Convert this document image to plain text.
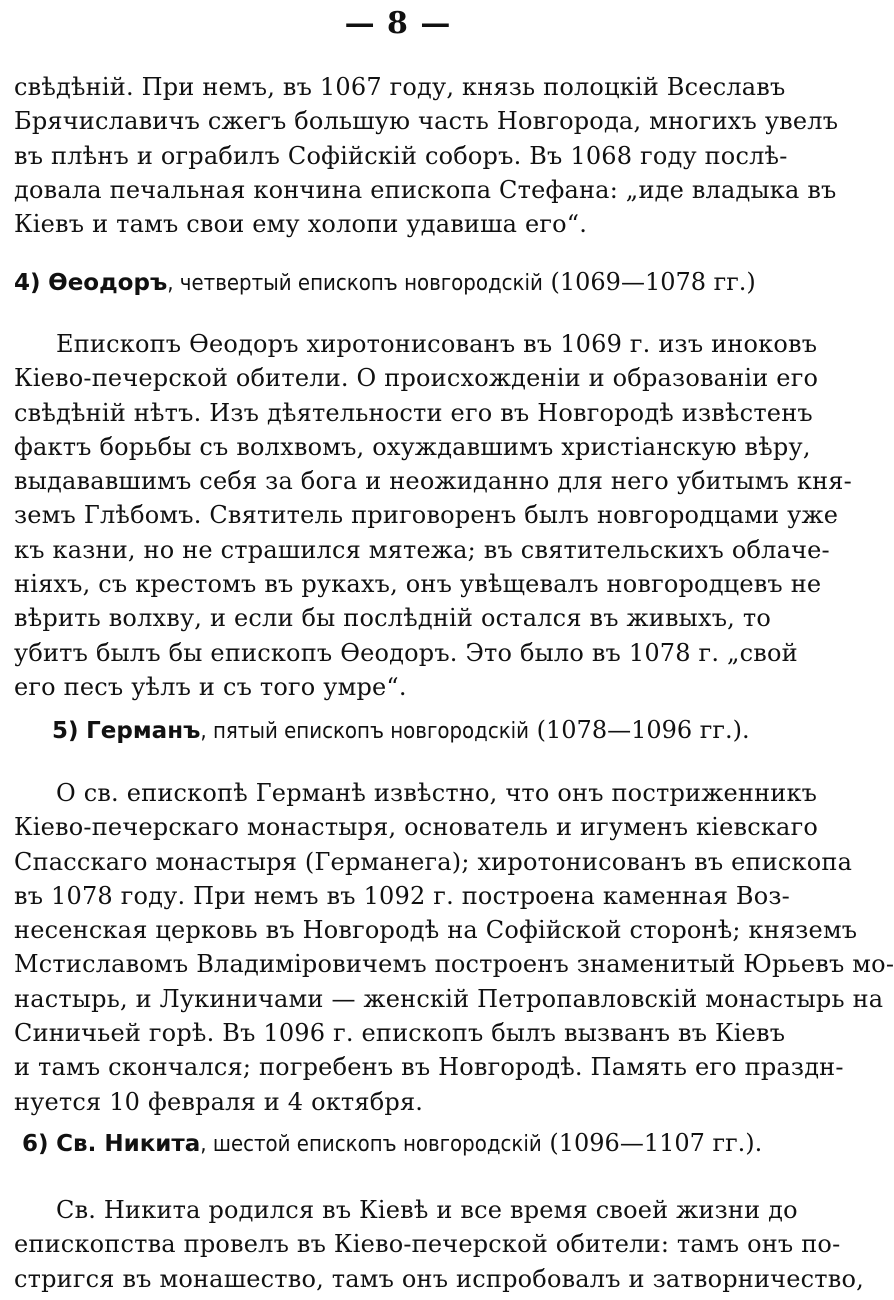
— 8 —
свѣдѣній. При немъ, въ 1067 году, князь полоцкій Всеславъ
Брячиславичъ сжегъ большую часть Новгорода, многихъ увелъ
въ плѣнъ и ограбилъ Софійскій соборъ. Въ 1068 году послѣ-
довала печальная кончина епископа Стефана: „иде владыка въ
Кіевъ и тамъ свои ему холопи удавиша его“.
4) Ѳеодоръ, четвертый епископъ новгородскій (1069—1078 гг.)
Епископъ Ѳеодоръ хиротонисованъ въ 1069 г. изъ иноковъ
Кіево-печерской обители. О происхожденіи и образованіи его
свѣдѣній нѣтъ. Изъ дѣятельности его въ Новгородѣ извѣстенъ
фактъ борьбы съ волхвомъ, охуждавшимъ христіанскую вѣру,
выдававшимъ себя за бога и неожиданно для него убитымъ кня-
земъ Глѣбомъ. Святитель приговоренъ былъ новгородцами уже
къ казни, но не страшился мятежа; въ святительскихъ облаче-
ніяхъ, съ крестомъ въ рукахъ, онъ увѣщевалъ новгородцевъ не
вѣрить волхву, и если бы послѣдній остался въ живыхъ, то
убитъ былъ бы епископъ Ѳеодоръ. Это было въ 1078 г. „свой
его песъ уѣлъ и съ того умре“.
5) Германъ, пятый епископъ новгородскій (1078—1096 гг.).
О св. епископѣ Германѣ извѣстно, что онъ постриженникъ
Кіево-печерскаго монастыря, основатель и игуменъ кіевскаго
Спасскаго монастыря (Германега); хиротонисованъ въ епископа
въ 1078 году. При немъ въ 1092 г. построена каменная Воз-
несенская церковь въ Новгородѣ на Софійской сторонѣ; княземъ
Мстиславомъ Владиміровичемъ построенъ знаменитый Юрьевъ мо-
настырь, и Лукиничами — женскій Петропавловскій монастырь на
Синичьей горѣ. Въ 1096 г. епископъ былъ вызванъ въ Кіевъ
и тамъ скончался; погребенъ въ Новгородѣ. Память его праздн-
нуется 10 февраля и 4 октября.
6) Св. Никита, шестой епископъ новгородскій (1096—1107 гг.).
Св. Никита родился въ Кіевѣ и все время своей жизни до
епископства провелъ въ Кіево-печерской обители: тамъ онъ по-
стригся въ монашество, тамъ онъ испробовалъ и затворничество,
